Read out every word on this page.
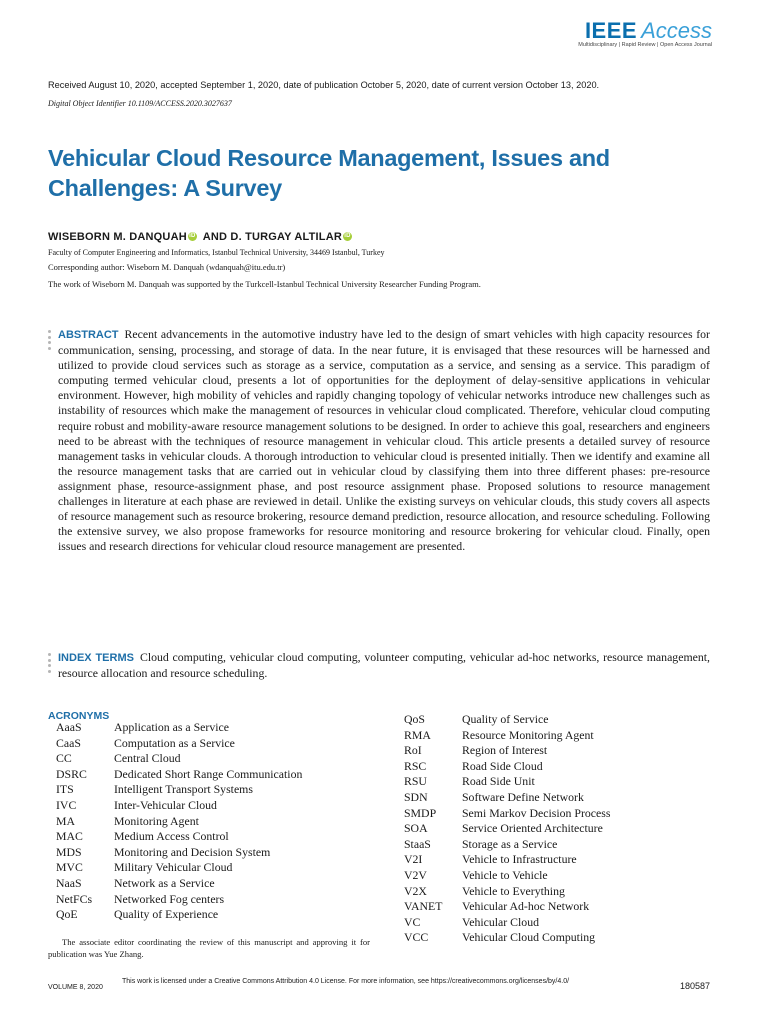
IEEE Access
Multidisciplinary | Rapid Review | Open Access Journal
Received August 10, 2020, accepted September 1, 2020, date of publication October 5, 2020, date of current version October 13, 2020.
Digital Object Identifier 10.1109/ACCESS.2020.3027637
Vehicular Cloud Resource Management, Issues and Challenges: A Survey
WISEBORN M. DANQUAH iD AND D. TURGAY ALTILAR iD
Faculty of Computer Engineering and Informatics, Istanbul Technical University, 34469 Istanbul, Turkey
Corresponding author: Wiseborn M. Danquah (wdanquah@itu.edu.tr)
The work of Wiseborn M. Danquah was supported by the Turkcell-Istanbul Technical University Researcher Funding Program.
ABSTRACT Recent advancements in the automotive industry have led to the design of smart vehicles with high capacity resources for communication, sensing, processing, and storage of data. In the near future, it is envisaged that these resources will be harnessed and utilized to provide cloud services such as storage as a service, computation as a service, and sensing as a service. This paradigm of computing termed vehicular cloud, presents a lot of opportunities for the deployment of delay-sensitive applications in vehicular environment. However, high mobility of vehicles and rapidly changing topology of vehicular networks introduce new challenges such as instability of resources which make the management of resources in vehicular cloud complicated. Therefore, vehicular cloud computing require robust and mobility-aware resource management solutions to be designed. In order to achieve this goal, researchers and engineers need to be abreast with the techniques of resource management in vehicular cloud. This article presents a detailed survey of resource management tasks in vehicular clouds. A thorough introduction to vehicular cloud is presented initially. Then we identify and examine all the resource management tasks that are carried out in vehicular cloud by classifying them into three different phases: pre-resource assignment phase, resource-assignment phase, and post resource assignment phase. Proposed solutions to resource management challenges in literature at each phase are reviewed in detail. Unlike the existing surveys on vehicular clouds, this study covers all aspects of resource management such as resource brokering, resource demand prediction, resource allocation, and resource scheduling. Following the extensive survey, we also propose frameworks for resource monitoring and resource brokering for vehicular cloud. Finally, open issues and research directions for vehicular cloud resource management are presented.
INDEX TERMS Cloud computing, vehicular cloud computing, volunteer computing, vehicular ad-hoc networks, resource management, resource allocation and resource scheduling.
ACRONYMS
AaaS	Application as a Service
CaaS	Computation as a Service
CC	Central Cloud
DSRC	Dedicated Short Range Communication
ITS	Intelligent Transport Systems
IVC	Inter-Vehicular Cloud
MA	Monitoring Agent
MAC	Medium Access Control
MDS	Monitoring and Decision System
MVC	Military Vehicular Cloud
NaaS	Network as a Service
NetFCs	Networked Fog centers
QoE	Quality of Experience
QoS	Quality of Service
RMA	Resource Monitoring Agent
RoI	Region of Interest
RSC	Road Side Cloud
RSU	Road Side Unit
SDN	Software Define Network
SMDP	Semi Markov Decision Process
SOA	Service Oriented Architecture
StaaS	Storage as a Service
V2I	Vehicle to Infrastructure
V2V	Vehicle to Vehicle
V2X	Vehicle to Everything
VANET	Vehicular Ad-hoc Network
VC	Vehicular Cloud
VCC	Vehicular Cloud Computing
The associate editor coordinating the review of this manuscript and approving it for publication was Yue Zhang.
VOLUME 8, 2020
This work is licensed under a Creative Commons Attribution 4.0 License. For more information, see https://creativecommons.org/licenses/by/4.0/	180587
